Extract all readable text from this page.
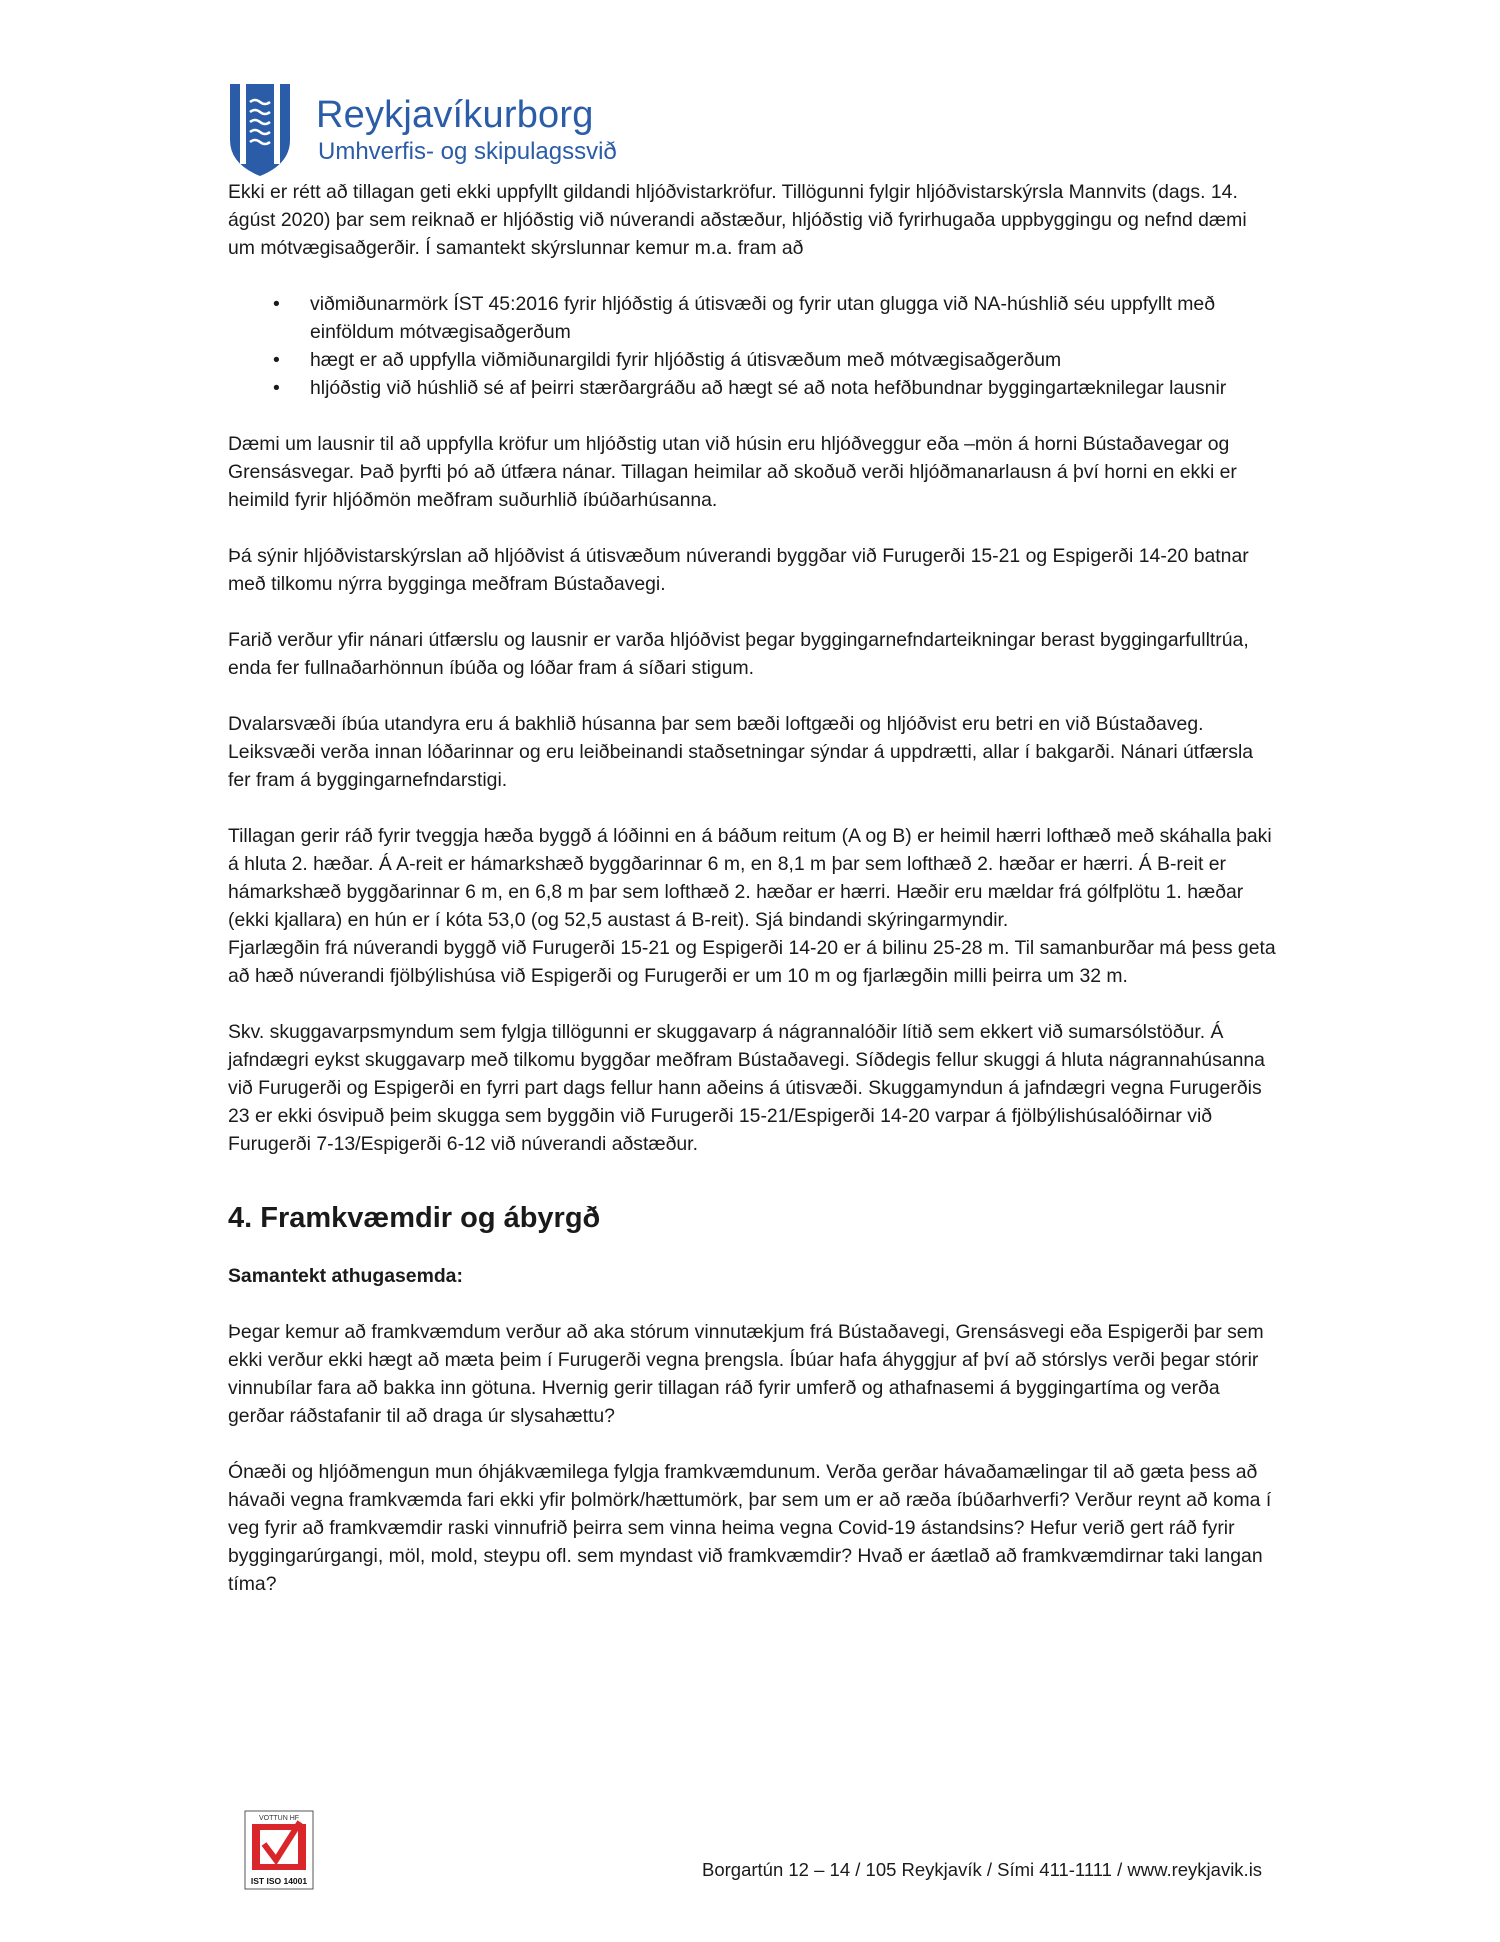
Reykjavíkurborg
Umhverfis- og skipulagssvið

Ekki er rétt að tillagan geti ekki uppfyllt gildandi hljóðvistarkröfur. Tillögunni fylgir hljóðvistarskýrsla Mannvits (dags. 14. ágúst 2020) þar sem reiknað er hljóðstig við núverandi aðstæður, hljóðstig við fyrirhugaða uppbyggingu og nefnd dæmi um mótvægisaðgerðir. Í samantekt skýrslunnar kemur m.a. fram að

• viðmiðunarmörk ÍST 45:2016 fyrir hljóðstig á útisvæði og fyrir utan glugga við NA-húshlið séu uppfyllt með einföldum mótvægisaðgerðum
• hægt er að uppfylla viðmiðunargildi fyrir hljóðstig á útisvæðum með mótvægisaðgerðum
• hljóðstig við húshlið sé af þeirri stærðargráðu að hægt sé að nota hefðbundnar byggingartæknilegar lausnir

Dæmi um lausnir til að uppfylla kröfur um hljóðstig utan við húsin eru hljóðveggur eða –mön á horni Bústaðavegar og Grensásvegar. Það þyrfti þó að útfæra nánar. Tillagan heimilar að skoðuð verði hljóðmanarlausn á því horni en ekki er heimild fyrir hljóðmön meðfram suðurhlið íbúðarhúsanna.

Þá sýnir hljóðvistarskýrslan að hljóðvist á útisvæðum núverandi byggðar við Furugerði 15-21 og Espigerði 14-20 batnar með tilkomu nýrra bygginga meðfram Bústaðavegi.

Farið verður yfir nánari útfærslu og lausnir er varða hljóðvist þegar byggingarnefndarteikningar berast byggingarfulltrúa, enda fer fullnaðarhönnun íbúða og lóðar fram á síðari stigum.

Dvalarsvæði íbúa utandyra eru á bakhlið húsanna þar sem bæði loftgæði og hljóðvist eru betri en við Bústaðaveg. Leiksvæði verða innan lóðarinnar og eru leiðbeinandi staðsetningar sýndar á uppdrætti, allar í bakgarði. Nánari útfærsla fer fram á byggingarnefndarstigi.

Tillagan gerir ráð fyrir tveggja hæða byggð á lóðinni en á báðum reitum (A og B) er heimil hærri lofthæð með skáhalla þaki á hluta 2. hæðar. Á A-reit er hámarkshæð byggðarinnar 6 m, en 8,1 m þar sem lofthæð 2. hæðar er hærri. Á B-reit er hámarkshæð byggðarinnar 6 m, en 6,8 m þar sem lofthæð 2. hæðar er hærri. Hæðir eru mældar frá gólfplötu 1. hæðar (ekki kjallara) en hún er í kóta 53,0 (og 52,5 austast á B-reit). Sjá bindandi skýringarmyndir.

Fjarlægðin frá núverandi byggð við Furugerði 15-21 og Espigerði 14-20 er á bilinu 25-28 m. Til samanburðar má þess geta að hæð núverandi fjölbýlishúsa við Espigerði og Furugerði er um 10 m og fjarlægðin milli þeirra um 32 m.

Skv. skuggavarpsmyndum sem fylgja tillögunni er skuggavarp á nágrannalóðir lítið sem ekkert við sumarsólstöður. Á jafndægri eykst skuggavarp með tilkomu byggðar meðfram Bústaðavegi. Síðdegis fellur skuggi á hluta nágrannahúsanna við Furugerði og Espigerði en fyrri part dags fellur hann aðeins á útisvæði. Skuggamyndun á jafndægri vegna Furugerðis 23 er ekki ósvipuð þeim skugga sem byggðin við Furugerði 15-21/Espigerði 14-20 varpar á fjölbýlishúsalóðirnar við Furugerði 7-13/Espigerði 6-12 við núverandi aðstæður.

4. Framkvæmdir og ábyrgð
Samantekt athugasemda:

Þegar kemur að framkvæmdum verður að aka stórum vinnutækjum frá Bústaðavegi, Grensásvegi eða Espigerði þar sem ekki verður ekki hægt að mæta þeim í Furugerði vegna þrengsla. Íbúar hafa áhyggjur af því að stórslys verði þegar stórir vinnubílar fara að bakka inn götuna. Hvernig gerir tillagan ráð fyrir umferð og athafnasemi á byggingartíma og verða gerðar ráðstafanir til að draga úr slysahættu?

Ónæði og hljóðmengun mun óhjákvæmilega fylgja framkvæmdunum. Verða gerðar hávaðamælingar til að gæta þess að hávaði vegna framkvæmda fari ekki yfir þolmörk/hættumörk, þar sem um er að ræða íbúðarhverfi? Verður reynt að koma í veg fyrir að framkvæmdir raski vinnufrið þeirra sem vinna heima vegna Covid-19 ástandsins? Hefur verið gert ráð fyrir byggingarúrgangi, möl, mold, steypu ofl. sem myndast við framkvæmdir? Hvað er áætlað að framkvæmdirnar taki langan tíma?

VOTTUN HF
IST ISO 14001
Borgartún 12 – 14 / 105 Reykjavík / Sími 411-1111 / www.reykjavik.is
